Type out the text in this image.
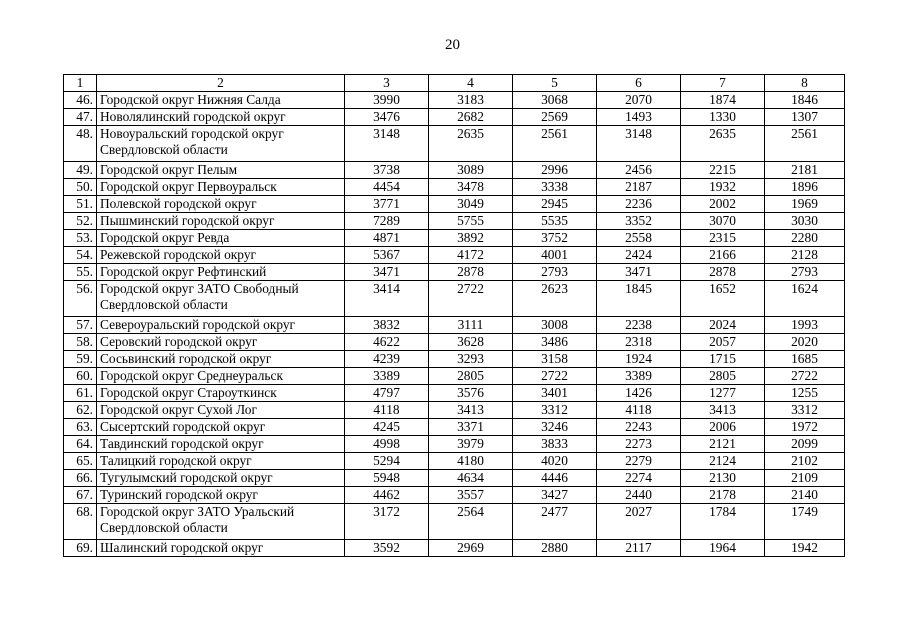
20
1	2	3	4	5	6	7	8
46.	Городской округ Нижняя Салда	3990	3183	3068	2070	1874	1846
47.	Новолялинский городской округ	3476	2682	2569	1493	1330	1307
48.	Новоуральский городской округ Свердловской области	3148	2635	2561	3148	2635	2561
49.	Городской округ Пелым	3738	3089	2996	2456	2215	2181
50.	Городской округ Первоуральск	4454	3478	3338	2187	1932	1896
51.	Полевской городской округ	3771	3049	2945	2236	2002	1969
52.	Пышминский городской округ	7289	5755	5535	3352	3070	3030
53.	Городской округ Ревда	4871	3892	3752	2558	2315	2280
54.	Режевской городской округ	5367	4172	4001	2424	2166	2128
55.	Городской округ Рефтинский	3471	2878	2793	3471	2878	2793
56.	Городской округ ЗАТО Свободный Свердловской области	3414	2722	2623	1845	1652	1624
57.	Североуральский городской округ	3832	3111	3008	2238	2024	1993
58.	Серовский городской округ	4622	3628	3486	2318	2057	2020
59.	Сосьвинский городской округ	4239	3293	3158	1924	1715	1685
60.	Городской округ Среднеуральск	3389	2805	2722	3389	2805	2722
61.	Городской округ Староуткинск	4797	3576	3401	1426	1277	1255
62.	Городской округ Сухой Лог	4118	3413	3312	4118	3413	3312
63.	Сысертский городской округ	4245	3371	3246	2243	2006	1972
64.	Тавдинский городской округ	4998	3979	3833	2273	2121	2099
65.	Талицкий городской округ	5294	4180	4020	2279	2124	2102
66.	Тугулымский городской округ	5948	4634	4446	2274	2130	2109
67.	Туринский городской округ	4462	3557	3427	2440	2178	2140
68.	Городской округ ЗАТО Уральский Свердловской области	3172	2564	2477	2027	1784	1749
69.	Шалинский городской округ	3592	2969	2880	2117	1964	1942
